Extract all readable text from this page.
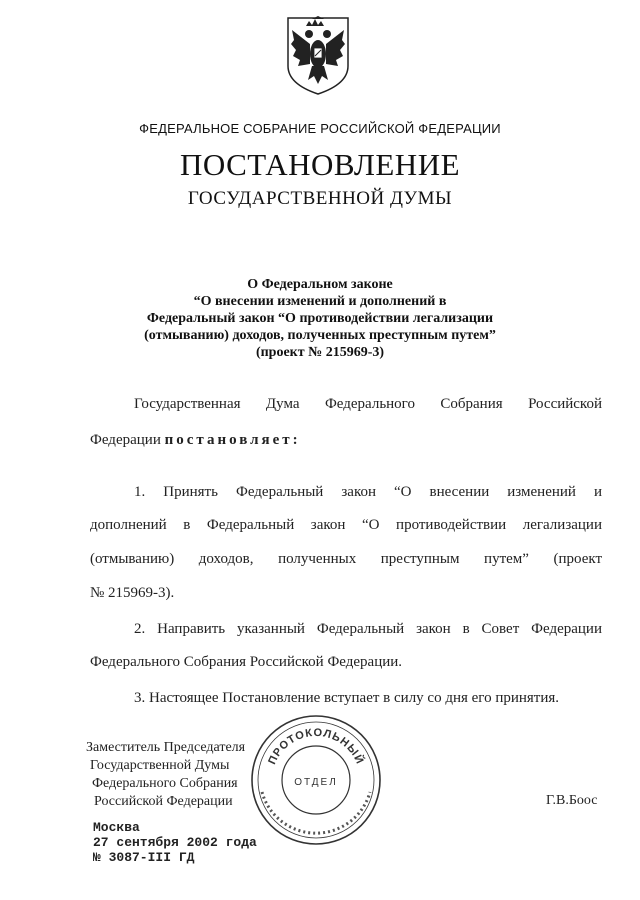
ФЕДЕРАЛЬНОЕ СОБРАНИЕ РОССИЙСКОЙ ФЕДЕРАЦИИ
ПОСТАНОВЛЕНИЕ
ГОСУДАРСТВЕННОЙ ДУМЫ
О Федеральном законе
“О внесении изменений и дополнений в
Федеральный закон “О противодействии легализации
(отмыванию) доходов, полученных преступным путем”
(проект № 215969-3)
Государственная Дума Федерального Собрания Российской
Федерации постановляет:
1. Принять Федеральный закон “О внесении изменений и
дополнений в Федеральный закон “О противодействии легализации
(отмыванию) доходов, полученных преступным путем” (проект
№ 215969-3).
2. Направить указанный Федеральный закон в Совет Федерации
Федерального Собрания Российской Федерации.
3. Настоящее Постановление вступает в силу со дня его принятия.
Заместитель Председателя
Государственной Думы
Федерального Собрания
Российской Федерации	Г.В.Боос
ПРОТОКОЛЬНЫЙ
ОТДЕЛ
Москва
27 сентября 2002 года
№ 3087-III ГД
